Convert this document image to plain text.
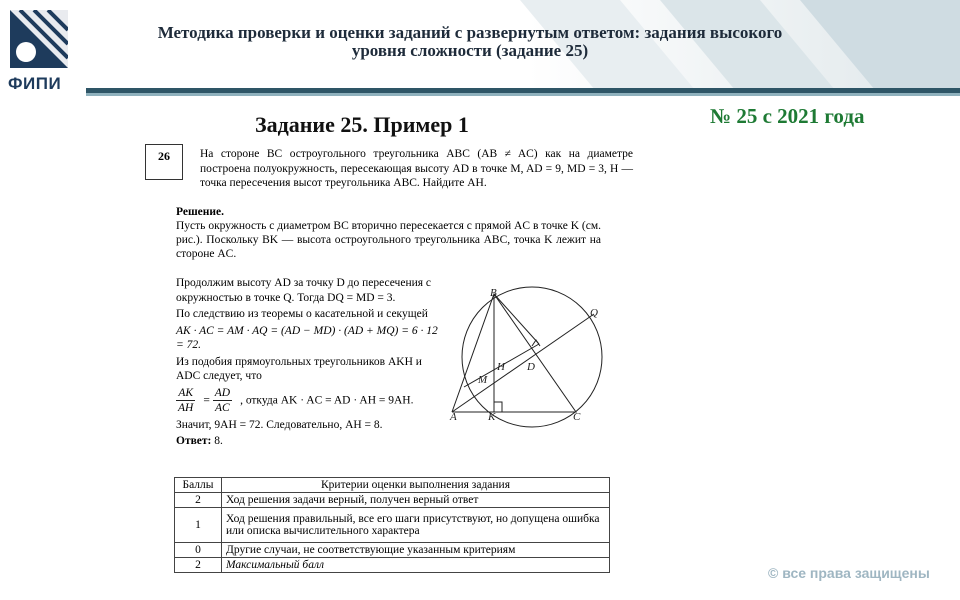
ФИПИ
Методика проверки и оценки заданий с развернутым ответом: задания высокого уровня сложности (задание 25)
Задание 25. Пример 1	№ 25 с 2021 года
26	На стороне BC остроугольного треугольника ABC (AB ≠ AC) как на диаметре построена полуокружность, пересекающая высоту AD в точке M, AD = 9, MD = 3, H — точка пересечения высот треугольника ABC. Найдите AH.
Решение.
Пусть окружность с диаметром BC вторично пересекается с прямой AC в точке K (см. рис.). Поскольку BK — высота остроугольного треугольника ABC, точка K лежит на стороне AC.

Продолжим высоту AD за точку D до пересечения с окружностью в точке Q. Тогда DQ = MD = 3.

По следствию из теоремы о касательной и секущей

AK · AC = AM · AQ = (AD − MD) · (AD + MQ) = 6 · 12 = 72.

Из подобия прямоугольных треугольников AKH и ADC следует, что

$\frac{AK}{AH} = \frac{AD}{AC}$ , откуда AK · AC = AD · AH = 9AH.

Значит, 9AH = 72. Следовательно, AH = 8.

Ответ: 8.

B
Q
H D
M
A	K	C
Баллы	Критерии оценки выполнения задания
2	Ход решения задачи верный, получен верный ответ
1	Ход решения правильный, все его шаги присутствуют, но допущена ошибка или описка вычислительного характера
0	Другие случаи, не соответствующие указанным критериям
2	Максимальный балл	© все права защищены
